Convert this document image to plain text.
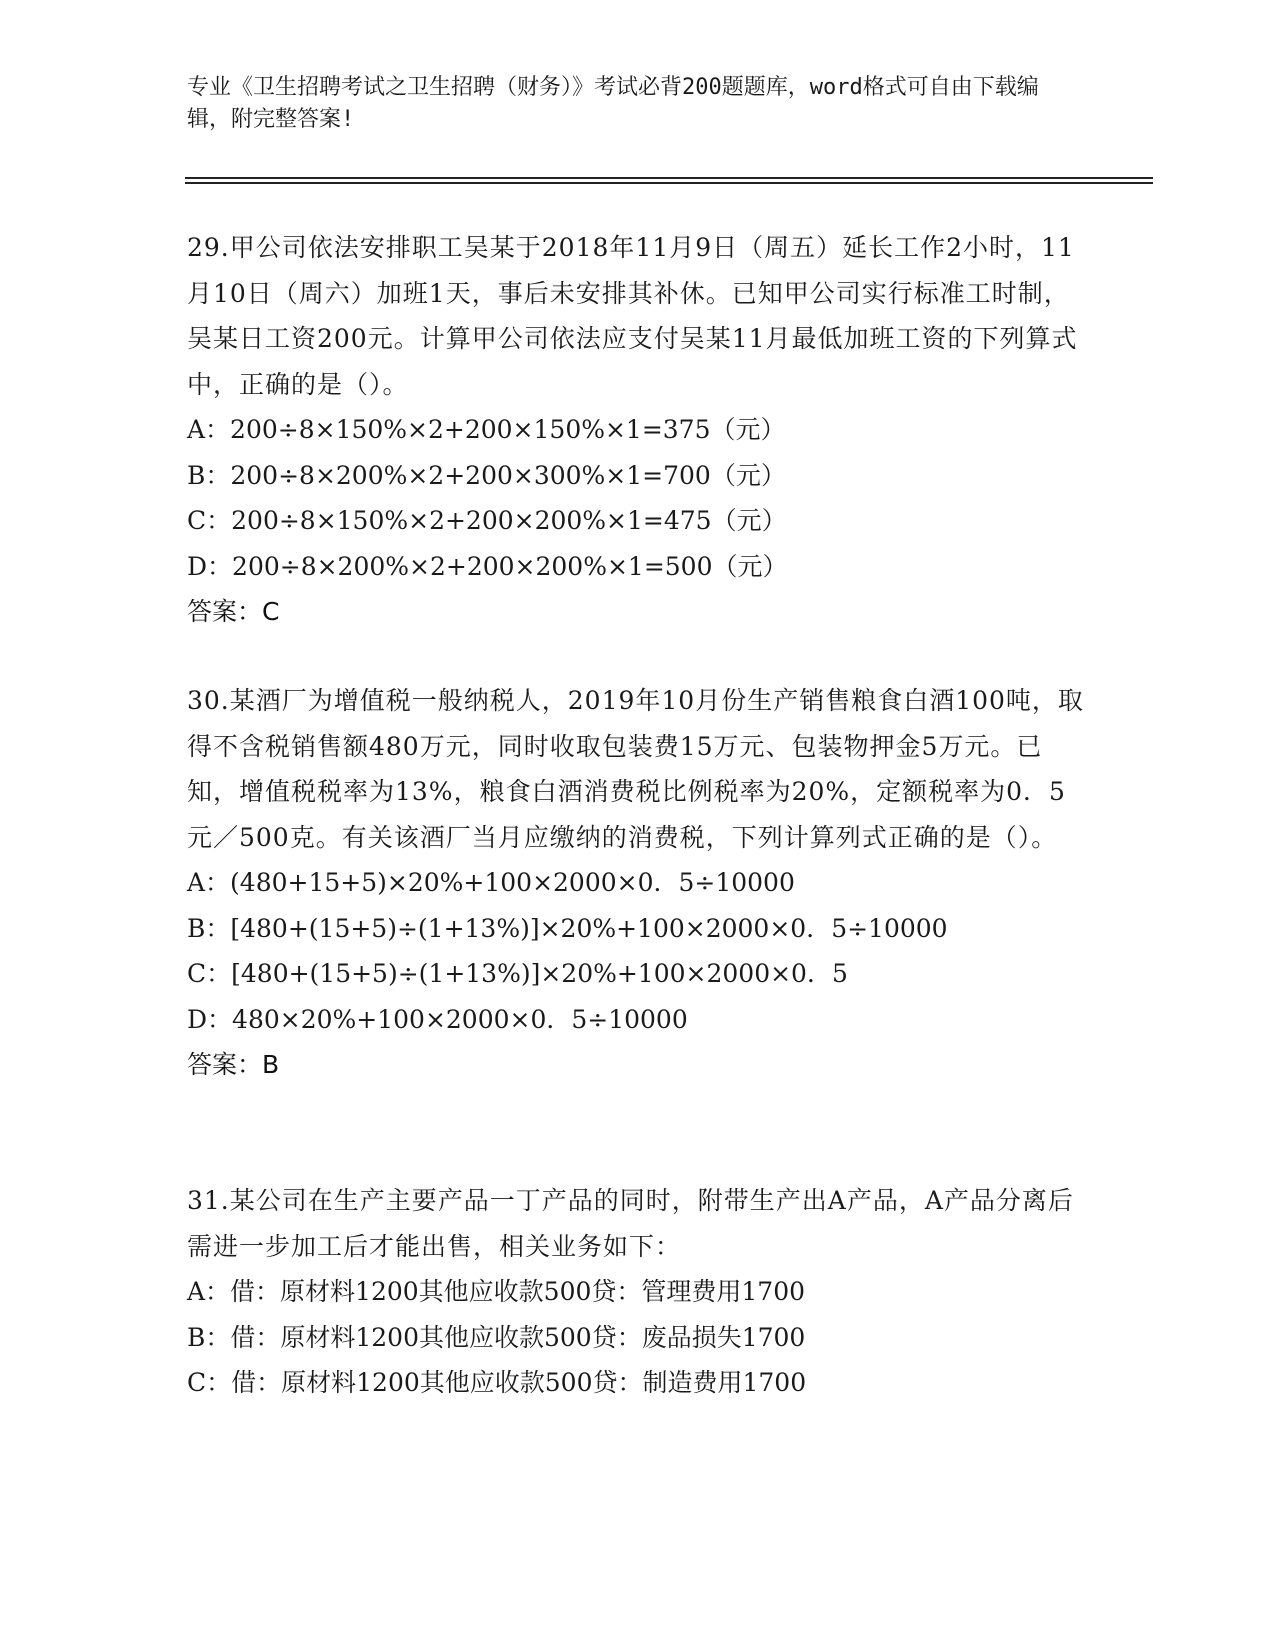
专业《卫生招聘考试之卫生招聘（财务）》考试必背200题题库，word格式可自由下载编辑，附完整答案!
29.甲公司依法安排职工吴某于2018年11月9日（周五）延长工作2小时，11月10日（周六）加班1天，事后未安排其补休。已知甲公司实行标准工时制，吴某日工资200元。计算甲公司依法应支付吴某11月最低加班工资的下列算式中，正确的是（）。
A：200÷8×150%×2+200×150%×1=375（元）
B：200÷8×200%×2+200×300%×1=700（元）
C：200÷8×150%×2+200×200%×1=475（元）
D：200÷8×200%×2+200×200%×1=500（元）
答案：C
30.某酒厂为增值税一般纳税人，2019年10月份生产销售粮食白酒100吨，取得不含税销售额480万元，同时收取包装费15万元、包装物押金5万元。已知，增值税税率为13%，粮食白酒消费税比例税率为20%，定额税率为0．5元／500克。有关该酒厂当月应缴纳的消费税，下列计算列式正确的是（）。
A：(480+15+5)×20%+100×2000×0．5÷10000
B：[480+(15+5)÷(1+13%)]×20%+100×2000×0．5÷10000
C：[480+(15+5)÷(1+13%)]×20%+100×2000×0．5
D：480×20%+100×2000×0．5÷10000
答案：B
31.某公司在生产主要产品一丁产品的同时，附带生产出A产品，A产品分离后需进一步加工后才能出售，相关业务如下：
A：借：原材料1200其他应收款500贷：管理费用1700
B：借：原材料1200其他应收款500贷：废品损失1700
C：借：原材料1200其他应收款500贷：制造费用1700
